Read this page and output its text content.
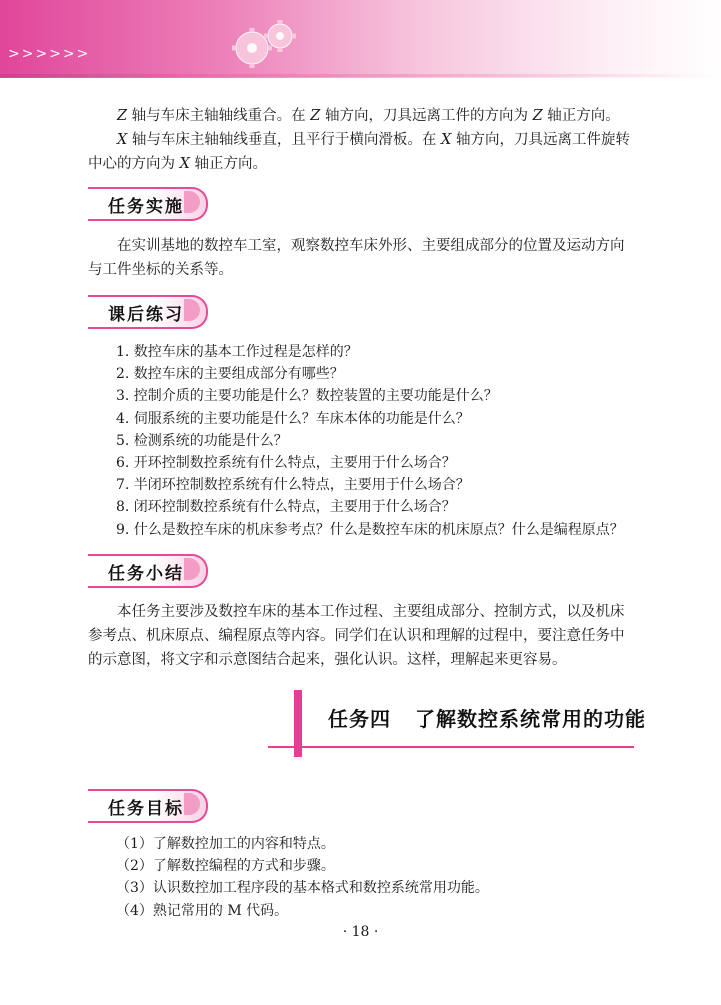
>>>>>>

Z 轴与车床主轴轴线重合。在 Z 轴方向，刀具远离工件的方向为 Z 轴正方向。

X 轴与车床主轴轴线垂直，且平行于横向滑板。在 X 轴方向，刀具远离工件旋转中心的方向为 X 轴正方向。

任务实施

在实训基地的数控车工室，观察数控车床外形、主要组成部分的位置及运动方向与工件坐标的关系等。

课后练习
1. 数控车床的基本工作过程是怎样的？
2. 数控车床的主要组成部分有哪些？
3. 控制介质的主要功能是什么？数控装置的主要功能是什么？
4. 伺服系统的主要功能是什么？车床本体的功能是什么？
5. 检测系统的功能是什么？
6. 开环控制数控系统有什么特点，主要用于什么场合？
7. 半闭环控制数控系统有什么特点，主要用于什么场合？
8. 闭环控制数控系统有什么特点，主要用于什么场合？
9. 什么是数控车床的机床参考点？什么是数控车床的机床原点？什么是编程原点？
任务小结

本任务主要涉及数控车床的基本工作过程、主要组成部分、控制方式，以及机床参考点、机床原点、编程原点等内容。同学们在认识和理解的过程中，要注意任务中的示意图，将文字和示意图结合起来，强化认识。这样，理解起来更容易。

任务四 了解数控系统常用的功能
任务目标
（1）了解数控加工的内容和特点。
（2）了解数控编程的方式和步骤。
（3）认识数控加工程序段的基本格式和数控系统常用功能。
（4）熟记常用的 M 代码。
· 18 ·
